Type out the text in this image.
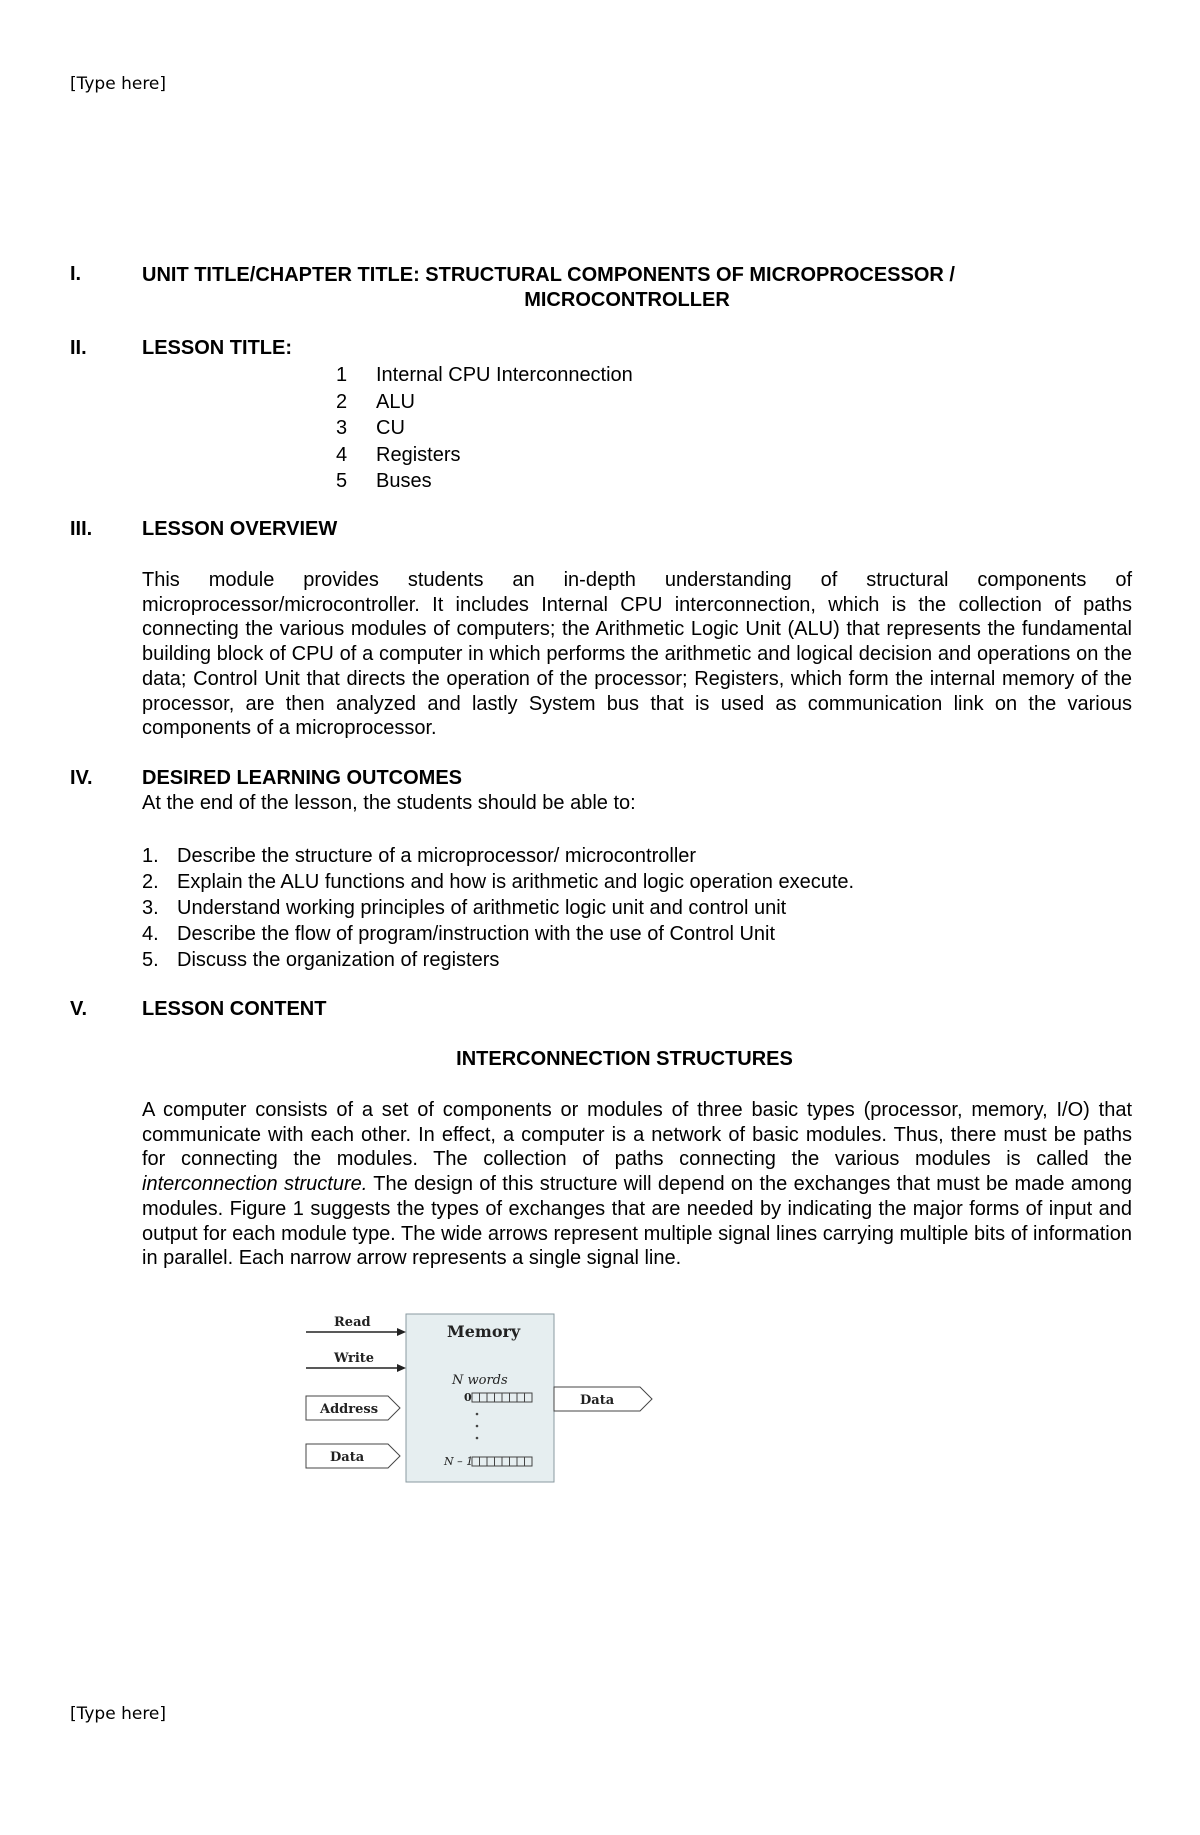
[Type here]
I.	UNIT TITLE/CHAPTER TITLE: STRUCTURAL COMPONENTS OF MICROPROCESSOR /
MICROCONTROLLER
II.	LESSON TITLE:
1 Internal CPU Interconnection
2 ALU
3 CU
4 Registers
5 Buses
III. LESSON OVERVIEW
This module provides students an in-depth understanding of structural components of microprocessor/microcontroller. It includes Internal CPU interconnection, which is the collection of paths connecting the various modules of computers; the Arithmetic Logic Unit (ALU) that represents the fundamental building block of CPU of a computer in which performs the arithmetic and logical decision and operations on the data; Control Unit that directs the operation of the processor; Registers, which form the internal memory of the processor, are then analyzed and lastly System bus that is used as communication link on the various components of a microprocessor.
IV. DESIRED LEARNING OUTCOMES
At the end of the lesson, the students should be able to:
1. Describe the structure of a microprocessor/ microcontroller
2. Explain the ALU functions and how is arithmetic and logic operation execute.
3. Understand working principles of arithmetic logic unit and control unit
4. Describe the flow of program/instruction with the use of Control Unit
5. Discuss the organization of registers
V.	LESSON CONTENT
INTERCONNECTION STRUCTURES
A computer consists of a set of components or modules of three basic types (processor, memory, I/O) that communicate with each other. In effect, a computer is a network of basic modules. Thus, there must be paths for connecting the modules. The collection of paths connecting the various modules is called the interconnection structure. The design of this structure will depend on the exchanges that must be made among modules. Figure 1 suggests the types of exchanges that are needed by indicating the major forms of input and output for each module type. The wide arrows represent multiple signal lines carrying multiple bits of information in parallel. Each narrow arrow represents a single signal line.
Memory
N words
0
N – 1
Read
Write
Address
Data
Data
[Type here]
